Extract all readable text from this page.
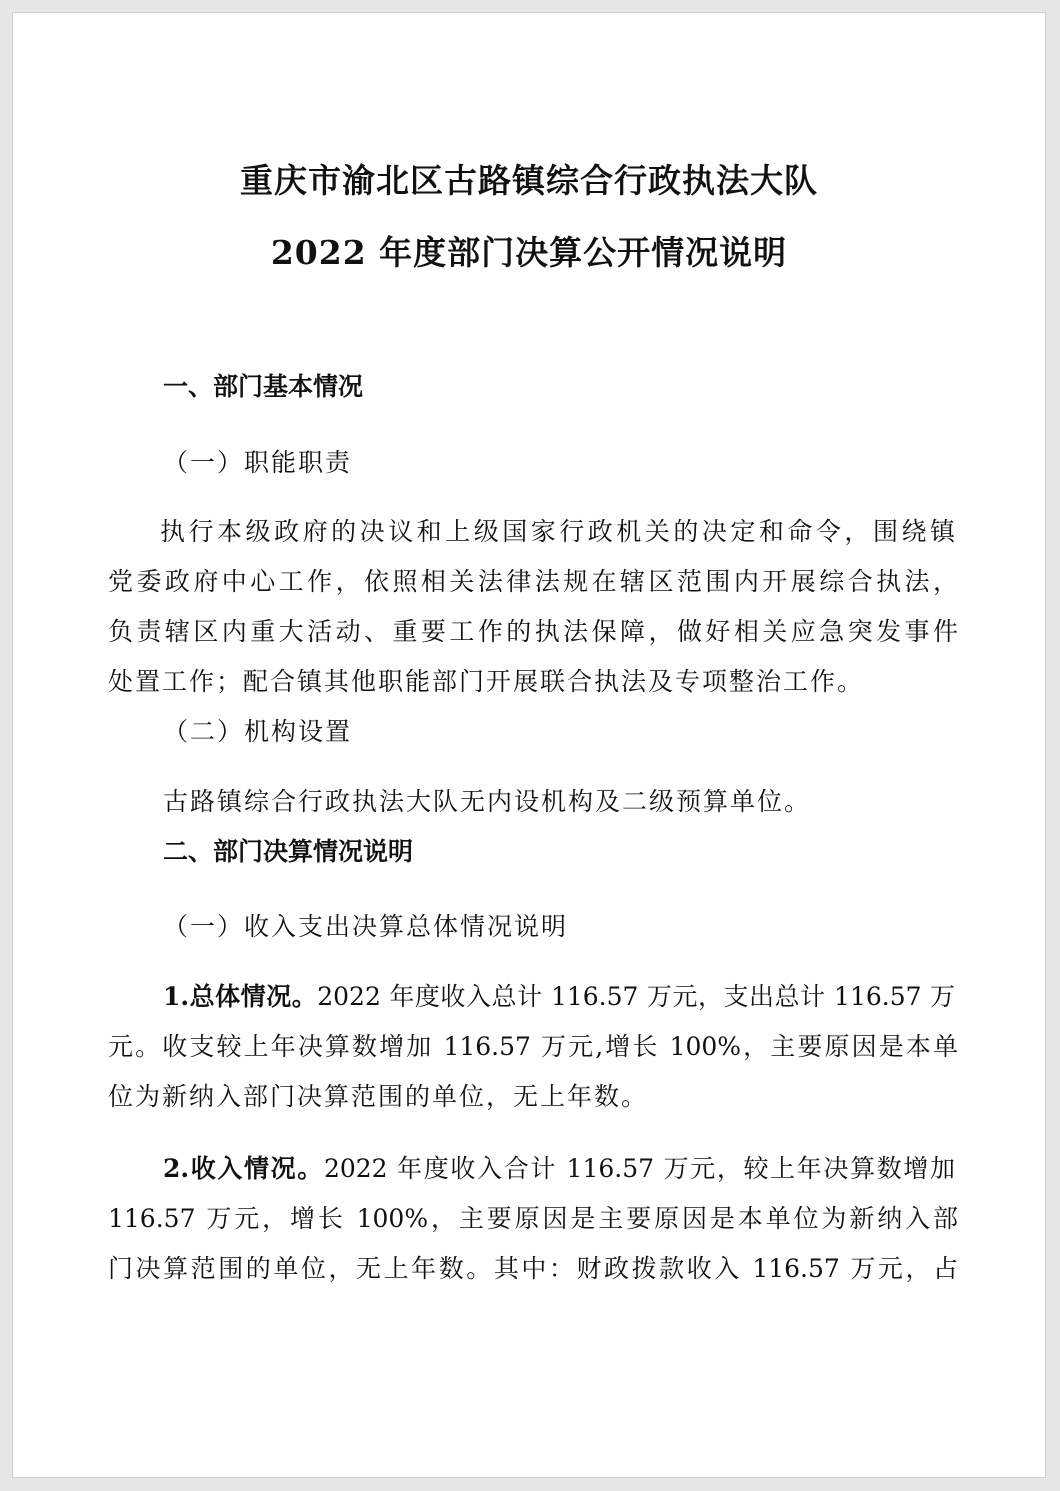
重庆市渝北区古路镇综合行政执法大队
2022 年度部门决算公开情况说明
一、部门基本情况
（一）职能职责
执行本级政府的决议和上级国家行政机关的决定和命令，围绕镇
党委政府中心工作，依照相关法律法规在辖区范围内开展综合执法，
负责辖区内重大活动、重要工作的执法保障，做好相关应急突发事件
处置工作；配合镇其他职能部门开展联合执法及专项整治工作。
（二）机构设置
古路镇综合行政执法大队无内设机构及二级预算单位。
二、部门决算情况说明
（一）收入支出决算总体情况说明
1.总体情况。2022 年度收入总计 116.57 万元，支出总计 116.57 万
元。收支较上年决算数增加 116.57 万元,增长 100%，主要原因是本单
位为新纳入部门决算范围的单位，无上年数。
2.收入情况。2022 年度收入合计 116.57 万元，较上年决算数增加
116.57 万元，增长 100%，主要原因是主要原因是本单位为新纳入部
门决算范围的单位，无上年数。其中：财政拨款收入 116.57 万元，占
